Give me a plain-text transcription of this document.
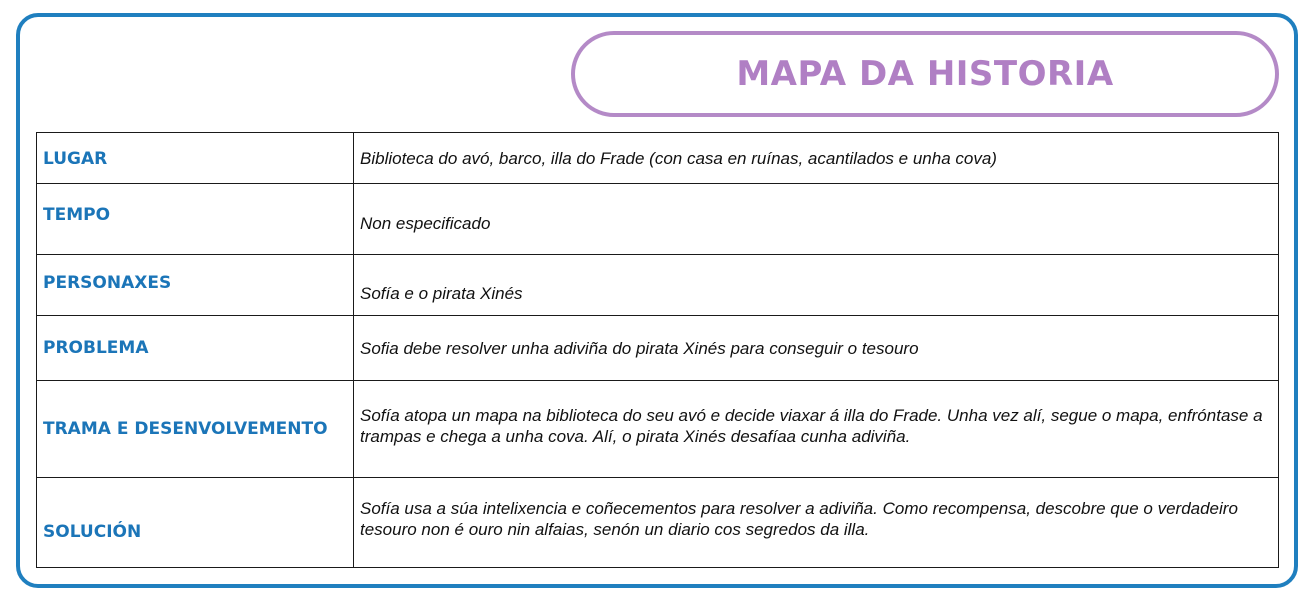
MAPA DA HISTORIA
LUGAR	Biblioteca do avó, barco, illa do Frade (con casa en ruínas, acantilados e unha cova)
TEMPO	Non especificado
PERSONAXES	Sofía e o pirata Xinés
PROBLEMA	Sofia debe resolver unha adiviña do pirata Xinés para conseguir o tesouro
TRAMA E DESENVOLVEMENTO	Sofía atopa un mapa na biblioteca do seu avó e decide viaxar á illa do Frade. Unha vez alí, segue o mapa, enfróntase a trampas e chega a unha cova. Alí, o pirata Xinés desafíaa cunha adiviña.
SOLUCIÓN	Sofía usa a súa intelixencia e coñecementos para resolver a adiviña. Como recompensa, descobre que o verdadeiro tesouro non é ouro nin alfaias, senón un diario cos segredos da illa.
